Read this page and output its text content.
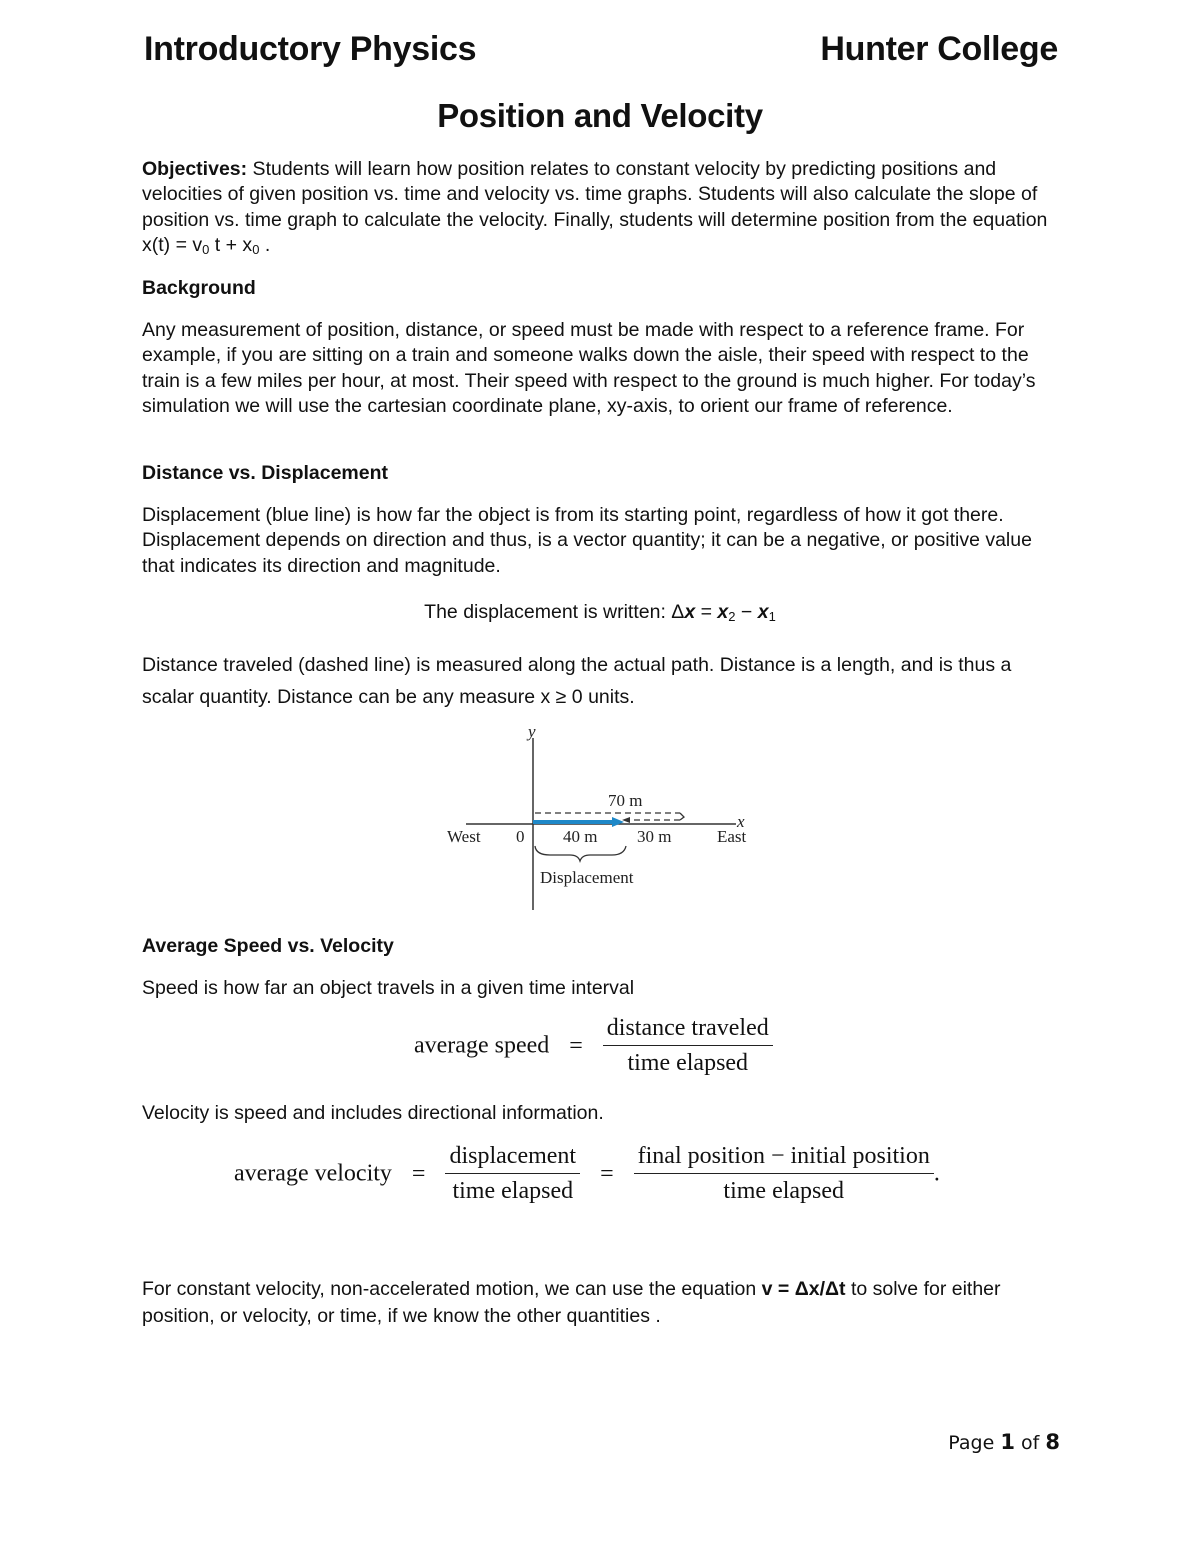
Introductory Physics	Hunter College
Position and Velocity
Objectives: Students will learn how position relates to constant velocity by predicting positions and velocities of given position vs. time and velocity vs. time graphs. Students will also calculate the slope of position vs. time graph to calculate the velocity. Finally, students will determine position from the equation $x(t) = v_0$ $t + x_0$ .
Background
Any measurement of position, distance, or speed must be made with respect to a reference frame. For example, if you are sitting on a train and someone walks down the aisle, their speed with respect to the train is a few miles per hour, at most. Their speed with respect to the ground is much higher. For today’s simulation we will use the cartesian coordinate plane, xy-axis, to orient our frame of reference.
Distance vs. Displacement
Displacement (blue line) is how far the object is from its starting point, regardless of how it got there. Displacement depends on direction and thus, is a vector quantity; it can be a negative, or positive value that indicates its direction and magnitude.
The displacement is written: $\Delta x = x_2 - x_1$
Distance traveled (dashed line) is measured along the actual path. Distance is a length, and is thus a scalar quantity. Distance can be any measure x ≥ 0 units.
y
x
West	East
0
70 m
40 m 30 m
Displacement
Average Speed vs. Velocity
Speed is how far an object travels in a given time interval
average speed = $\frac{\text{distance traveled}}{\text{time elapsed}}$
Velocity is speed and includes directional information.
average velocity = $\frac{\text{displacement}}{\text{time elapsed}} = \frac{\text{final position − initial position}}{\text{time elapsed}}$ .
For constant velocity, non-accelerated motion, we can use the equation v = Δx/Δt to solve for either position, or velocity, or time, if we know the other quantities .
Page 1 of 8
